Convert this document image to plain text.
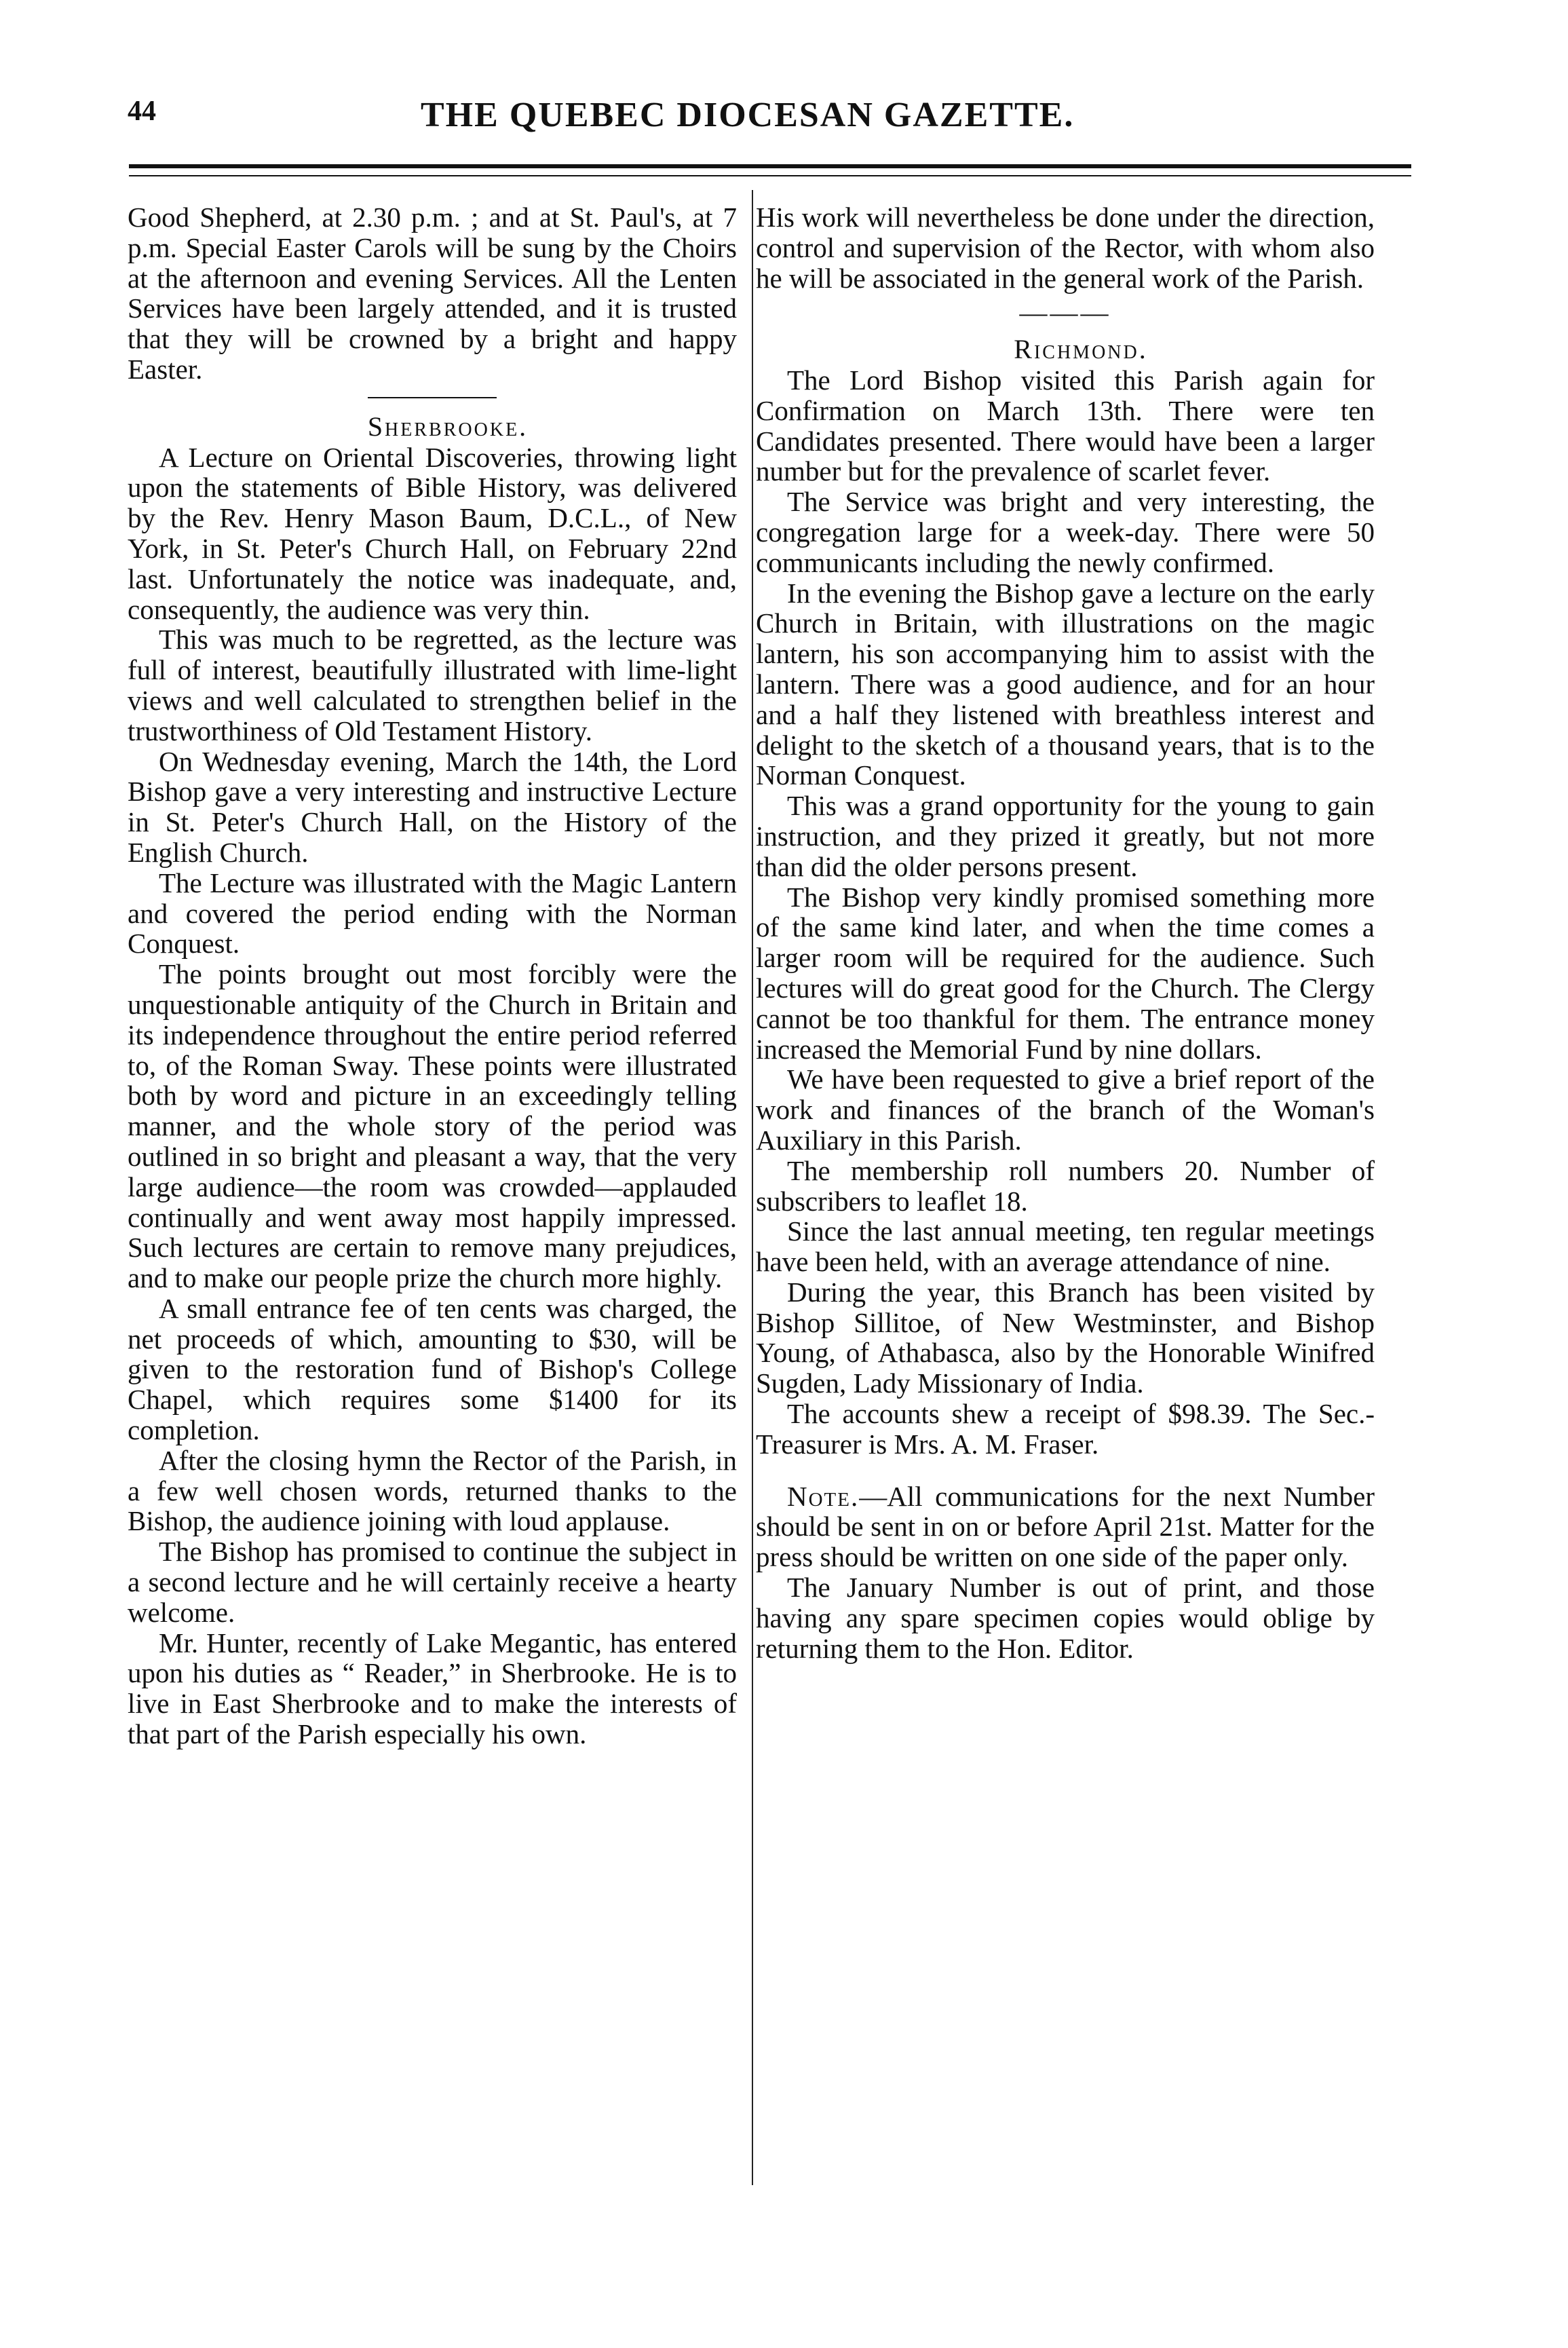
44	THE QUEBEC DIOCESAN GAZETTE.

Good Shepherd, at 2.30 p.m. ; and at St. Paul's, at 7 p.m. Special Easter Carols will be sung by the Choirs at the afternoon and evening Services. All the Lenten Services have been largely attended, and it is trusted that they will be crowned by a bright and happy Easter.

Sherbrooke.

A Lecture on Oriental Discoveries, throwing light upon the statements of Bible History, was delivered by the Rev. Henry Mason Baum, D.C.L., of New York, in St. Peter's Church Hall, on February 22nd last. Unfortunately the notice was inadequate, and, consequently, the audience was very thin.

This was much to be regretted, as the lecture was full of interest, beautifully illustrated with lime-light views and well calculated to strengthen belief in the trustworthiness of Old Testament History.

On Wednesday evening, March the 14th, the Lord Bishop gave a very interesting and instructive Lecture in St. Peter's Church Hall, on the History of the English Church.

The Lecture was illustrated with the Magic Lantern and covered the period ending with the Norman Conquest.

The points brought out most forcibly were the unquestionable antiquity of the Church in Britain and its independence throughout the entire period referred to, of the Roman Sway. These points were illustrated both by word and picture in an exceedingly telling manner, and the whole story of the period was outlined in so bright and pleasant a way, that the very large audience—the room was crowded—applauded continually and went away most happily impressed. Such lectures are certain to remove many prejudices, and to make our people prize the church more highly.

A small entrance fee of ten cents was charged, the net proceeds of which, amounting to $30, will be given to the restoration fund of Bishop's College Chapel, which requires some $1400 for its completion.

After the closing hymn the Rector of the Parish, in a few well chosen words, returned thanks to the Bishop, the audience joining with loud applause.

The Bishop has promised to continue the subject in a second lecture and he will certainly receive a hearty welcome.

Mr. Hunter, recently of Lake Megantic, has entered upon his duties as “ Reader,” in Sherbrooke. He is to live in East Sherbrooke and to make the interests of that part of the Parish especially his own.

His work will nevertheless be done under the direction, control and supervision of the Rector, with whom also he will be associated in the general work of the Parish.

———

Richmond.

The Lord Bishop visited this Parish again for Confirmation on March 13th. There were ten Candidates presented. There would have been a larger number but for the prevalence of scarlet fever.

The Service was bright and very interesting, the congregation large for a week-day. There were 50 communicants including the newly confirmed.

In the evening the Bishop gave a lecture on the early Church in Britain, with illustrations on the magic lantern, his son accompanying him to assist with the lantern. There was a good audience, and for an hour and a half they listened with breathless interest and delight to the sketch of a thousand years, that is to the Norman Conquest.

This was a grand opportunity for the young to gain instruction, and they prized it greatly, but not more than did the older persons present.

The Bishop very kindly promised something more of the same kind later, and when the time comes a larger room will be required for the audience. Such lectures will do great good for the Church. The Clergy cannot be too thankful for them. The entrance money increased the Memorial Fund by nine dollars.

We have been requested to give a brief report of the work and finances of the branch of the Woman's Auxiliary in this Parish.

The membership roll numbers 20. Number of subscribers to leaflet 18.

Since the last annual meeting, ten regular meetings have been held, with an average attendance of nine.

During the year, this Branch has been visited by Bishop Sillitoe, of New Westminster, and Bishop Young, of Athabasca, also by the Honorable Winifred Sugden, Lady Missionary of India.

The accounts shew a receipt of $98.39. The Sec.-Treasurer is Mrs. A. M. Fraser.

Note.—All communications for the next Number should be sent in on or before April 21st. Matter for the press should be written on one side of the paper only.

The January Number is out of print, and those having any spare specimen copies would oblige by returning them to the Hon. Editor.
